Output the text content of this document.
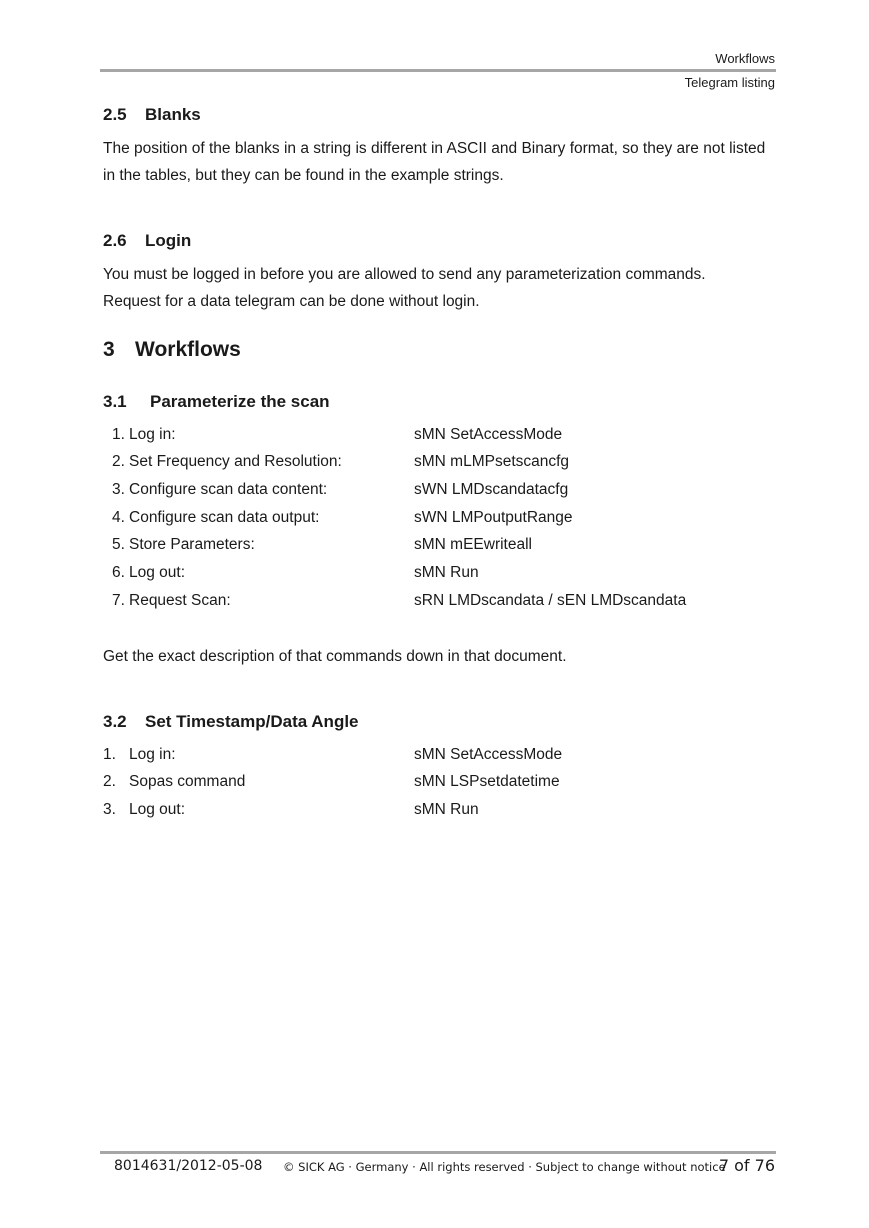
Workflows
Telegram listing
2.5 Blanks
The position of the blanks in a string is different in ASCII and Binary format, so they are not listed in the tables, but they can be found in the example strings.
2.6 Login
You must be logged in before you are allowed to send any parameterization commands.
Request for a data telegram can be done without login.
3 Workflows
3.1 Parameterize the scan
1. Log in:	sMN SetAccessMode
2. Set Frequency and Resolution:	sMN mLMPsetscancfg
3. Configure scan data content:	sWN LMDscandatacfg
4. Configure scan data output:	sWN LMPoutputRange
5. Store Parameters:	sMN mEEwriteall
6. Log out:	sMN Run
7. Request Scan:	sRN LMDscandata / sEN LMDscandata
Get the exact description of that commands down in that document.
3.2 Set Timestamp/Data Angle
1. Log in:	sMN SetAccessMode
2. Sopas command	sMN LSPsetdatetime
3. Log out:	sMN Run
8014631/2012-05-08 © SICK AG · Germany · All rights reserved · Subject to change without notice
7 of 76
